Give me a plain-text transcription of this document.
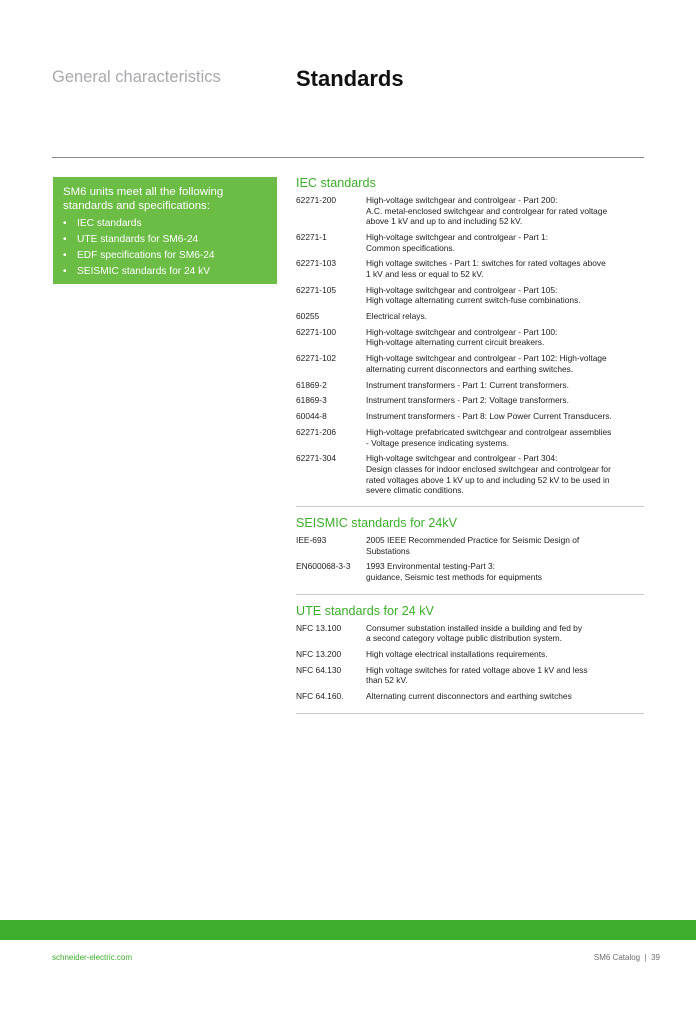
General characteristics	Standards
SM6 units meet all the following standards and specifications:
• IEC standards
• UTE standards for SM6-24
• EDF specifications for SM6-24
• SEISMIC standards for 24 kV
IEC standards
62271-200	High-voltage switchgear and controlgear - Part 200:
A.C. metal-enclosed switchgear and controlgear for rated voltage
above 1 kV and up to and including 52 kV.
62271-1	High-voltage switchgear and controlgear - Part 1:
Common specifications.
62271-103	High voltage switches - Part 1: switches for rated voltages above
1 kV and less or equal to 52 kV.
62271-105	High-voltage switchgear and controlgear - Part 105:
High voltage alternating current switch-fuse combinations.
60255	Electrical relays.
62271-100	High-voltage switchgear and controlgear - Part 100:
High-voltage alternating current circuit breakers.
62271-102	High-voltage switchgear and controlgear - Part 102: High-voltage
alternating current disconnectors and earthing switches.
61869-2	Instrument transformers - Part 1: Current transformers.
61869-3	Instrument transformers - Part 2: Voltage transformers.
60044-8	Instrument transformers - Part 8: Low Power Current Transducers.
62271-206	High-voltage prefabricated switchgear and controlgear assemblies
- Voltage presence indicating systems.
62271-304	High-voltage switchgear and controlgear - Part 304:
Design classes for indoor enclosed switchgear and controlgear for
rated voltages above 1 kV up to and including 52 kV to be used in
severe climatic conditions.
SEISMIC standards for 24kV
IEE-693	2005 IEEE Recommended Practice for Seismic Design of
Substations
EN600068-3-3	1993 Environmental testing-Part 3:
guidance, Seismic test methods for equipments
UTE standards for 24 kV
NFC 13.100	Consumer substation installed inside a building and fed by
a second category voltage public distribution system.
NFC 13.200	High voltage electrical installations requirements.
NFC 64.130	High voltage switches for rated voltage above 1 kV and less
than 52 kV.
NFC 64.160.	Alternating current disconnectors and earthing switches
schneider-electric.com	SM6 Catalog  |  39
